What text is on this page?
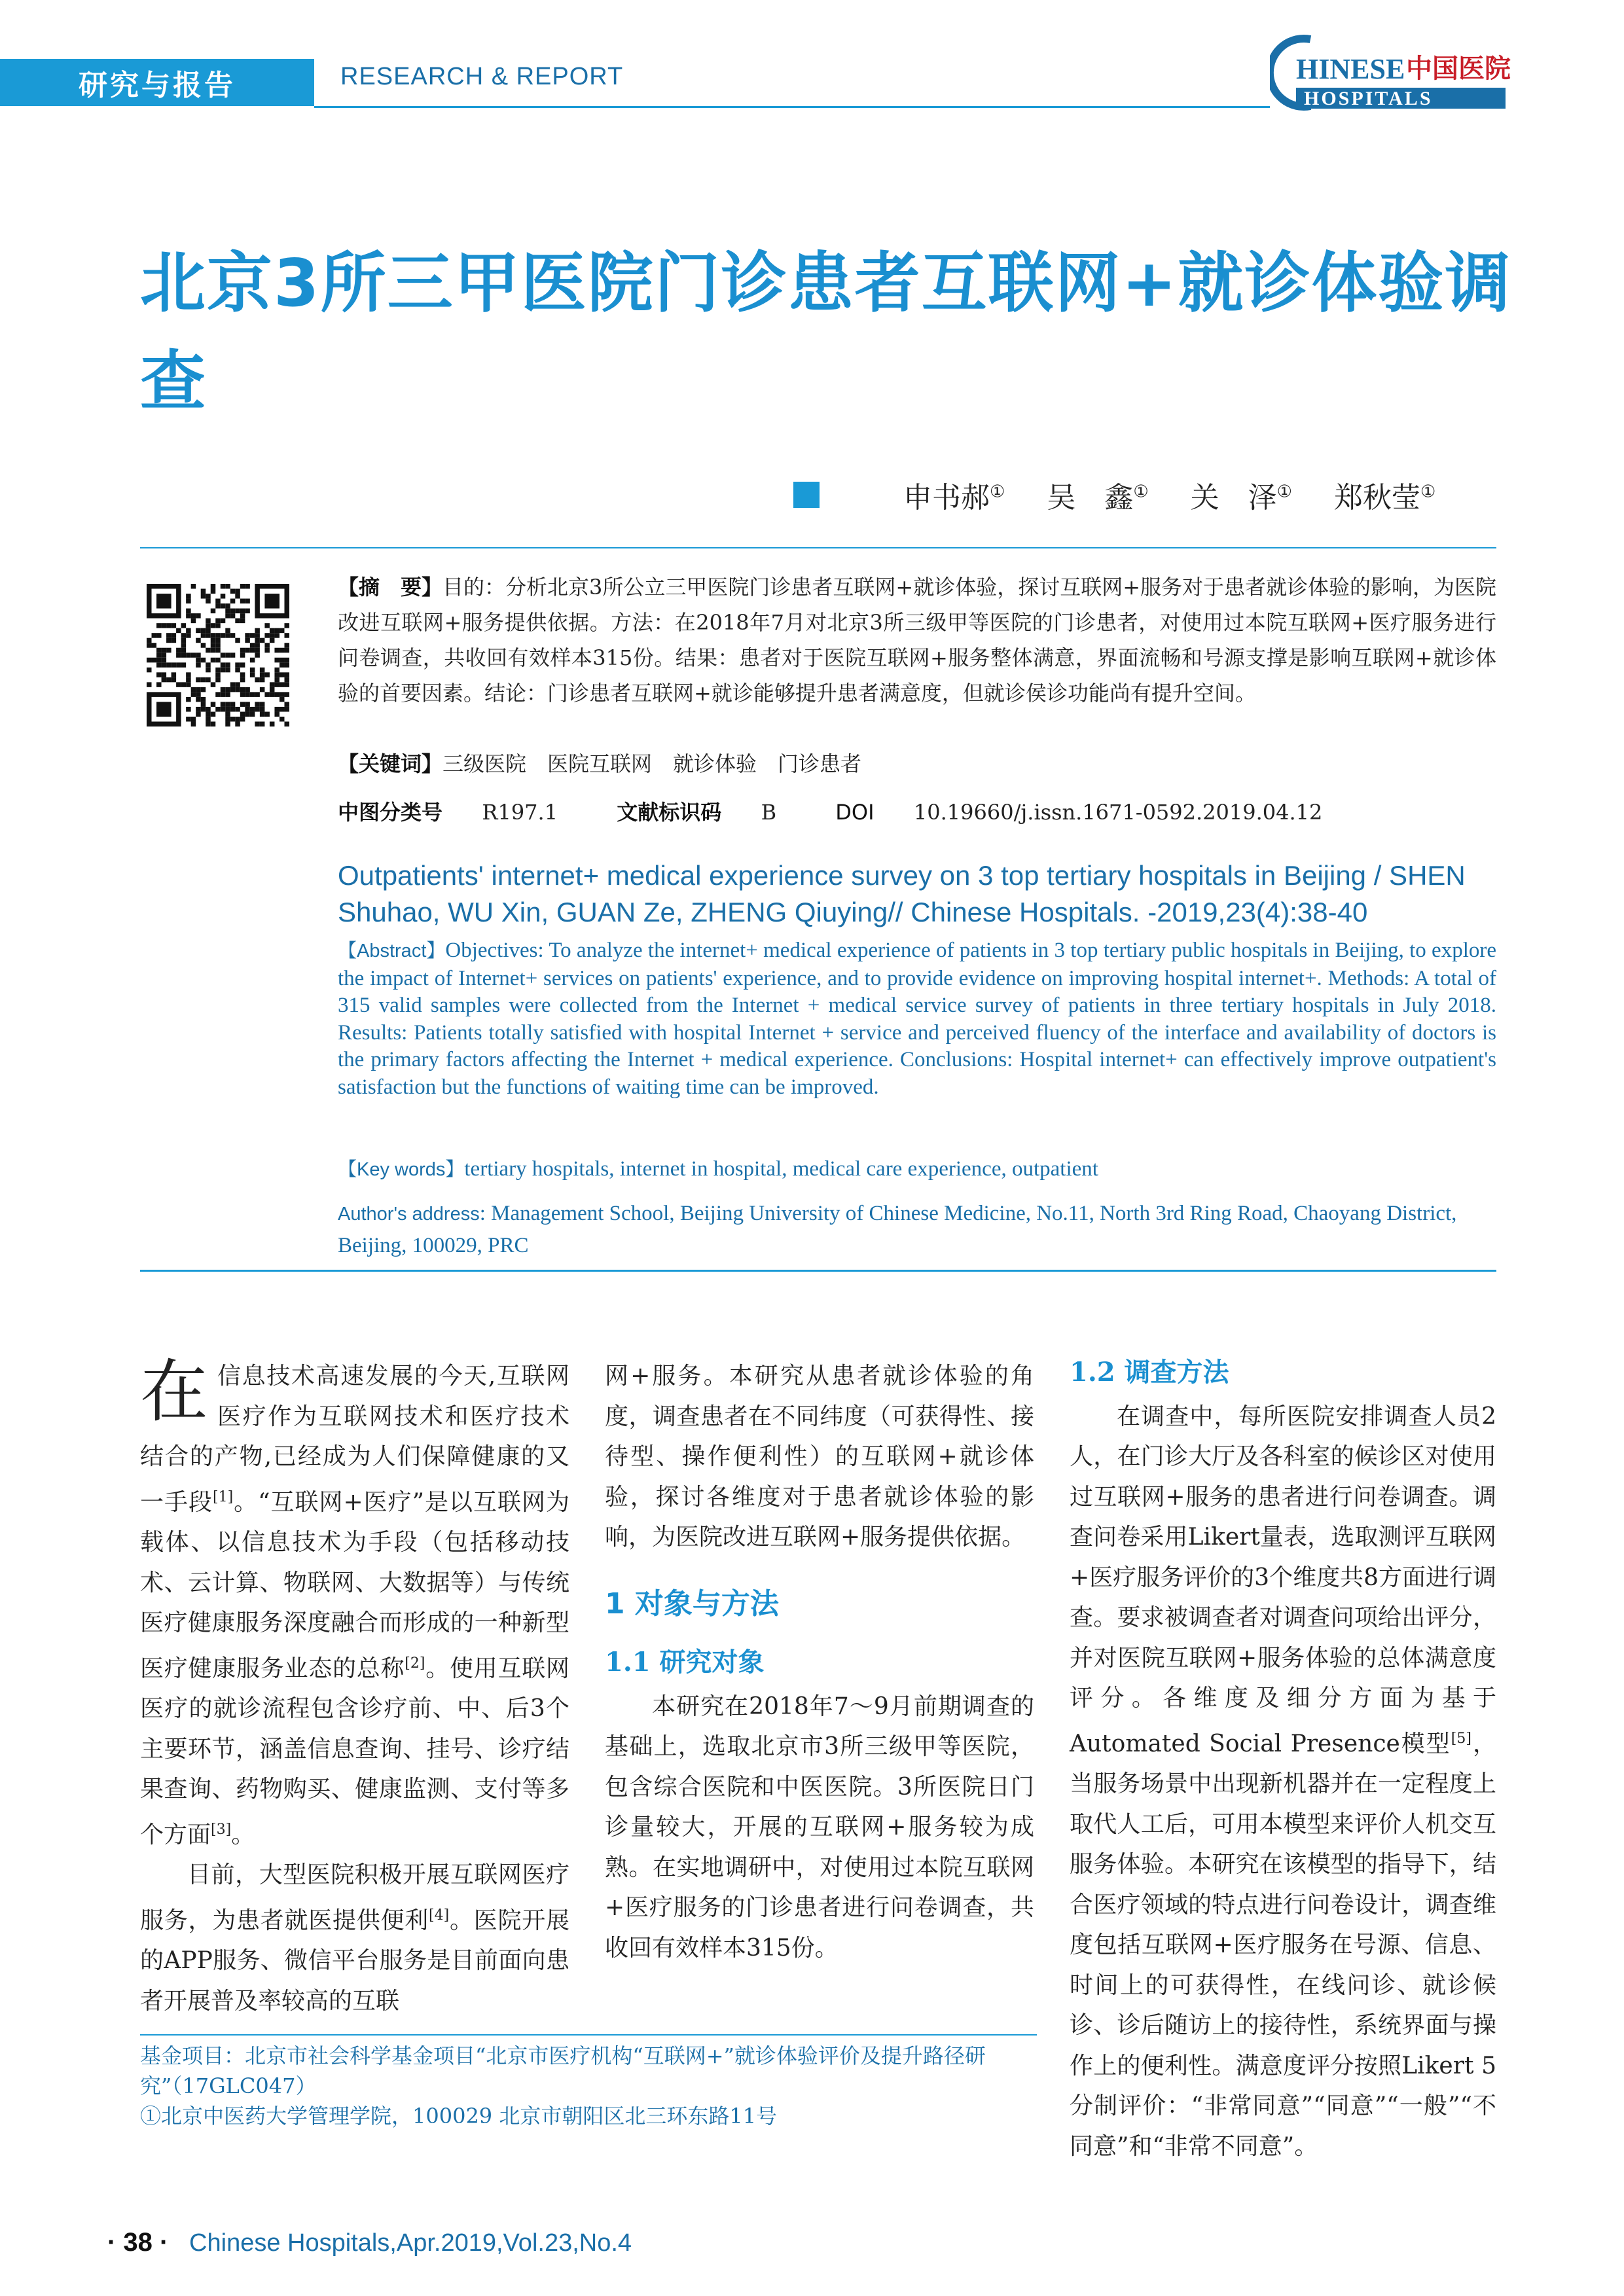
研究与报告	RESEARCH & REPORT	HINESE 中国医院
HOSPITALS
北京3所三甲医院门诊患者互联网+就诊体验调查
申书郝① 吴　鑫① 关　泽① 郑秋莹①
【摘　要】目的：分析北京3所公立三甲医院门诊患者互联网+就诊体验，探讨互联网+服务对于患者就诊体验的影响，为医院改进互联网+服务提供依据。方法：在2018年7月对北京3所三级甲等医院的门诊患者，对使用过本院互联网+医疗服务进行问卷调查，共收回有效样本315份。结果：患者对于医院互联网+服务整体满意，界面流畅和号源支撑是影响互联网+就诊体验的首要因素。结论：门诊患者互联网+就诊能够提升患者满意度，但就诊侯诊功能尚有提升空间。
【关键词】三级医院　医院互联网　就诊体验　门诊患者
中图分类号 R197.1	文献标识码 B	DOI 10.19660/j.issn.1671-0592.2019.04.12
Outpatients' internet+ medical experience survey on 3 top tertiary hospitals in Beijing / SHEN Shuhao, WU Xin, GUAN Ze, ZHENG Qiuying// Chinese Hospitals. -2019,23(4):38-40
【Abstract】Objectives: To analyze the internet+ medical experience of patients in 3 top tertiary public hospitals in Beijing, to explore the impact of Internet+ services on patients' experience, and to provide evidence on improving hospital internet+. Methods: A total of 315 valid samples were collected from the Internet + medical service survey of patients in three tertiary hospitals in July 2018. Results: Patients totally satisfied with hospital Internet + service and perceived fluency of the interface and availability of doctors is the primary factors affecting the Internet + medical experience. Conclusions: Hospital internet+ can effectively improve outpatient's satisfaction but the functions of waiting time can be improved.
【Key words】tertiary hospitals, internet in hospital, medical care experience, outpatient
Author's address: Management School, Beijing University of Chinese Medicine, No.11, North 3rd Ring Road, Chaoyang District, Beijing, 100029, PRC

在信息技术高速发展的今天,互联网医疗作为互联网技术和医疗技术结合的产物,已经成为人们保障健康的又一手段[1]。“互联网+医疗”是以互联网为载体、以信息技术为手段（包括移动技术、云计算、物联网、大数据等）与传统医疗健康服务深度融合而形成的一种新型医疗健康服务业态的总称[2]。使用互联网医疗的就诊流程包含诊疗前、中、后3个主要环节，涵盖信息查询、挂号、诊疗结果查询、药物购买、健康监测、支付等多个方面[3]。

目前，大型医院积极开展互联网医疗服务，为患者就医提供便利[4]。医院开展的APP服务、微信平台服务是目前面向患者开展普及率较高的互联

网+服务。本研究从患者就诊体验的角度，调查患者在不同纬度（可获得性、接待型、操作便利性）的互联网+就诊体验，探讨各维度对于患者就诊体验的影响，为医院改进互联网+服务提供依据。

1 对象与方法
1.1 研究对象

本研究在2018年7～9月前期调查的基础上，选取北京市3所三级甲等医院，包含综合医院和中医医院。3所医院日门诊量较大，开展的互联网+服务较为成熟。在实地调研中，对使用过本院互联网+医疗服务的门诊患者进行问卷调查，共收回有效样本315份。

1.2 调查方法

在调查中，每所医院安排调查人员2人，在门诊大厅及各科室的候诊区对使用过互联网+服务的患者进行问卷调查。调查问卷采用Likert量表，选取测评互联网+医疗服务评价的3个维度共8方面进行调查。要求被调查者对调查问项给出评分，并对医院互联网+服务体验的总体满意度评分。各维度及细分方面为基于Automated Social Presence模型[5]，当服务场景中出现新机器并在一定程度上取代人工后，可用本模型来评价人机交互服务体验。本研究在该模型的指导下，结合医疗领域的特点进行问卷设计，调查维度包括互联网+医疗服务在号源、信息、时间上的可获得性，在线问诊、就诊候诊、诊后随访上的接待性，系统界面与操作上的便利性。满意度评分按照Likert 5分制评价：“非常同意”“同意”“一般”“不同意”和“非常不同意”。

基金项目：北京市社会科学基金项目“北京市医疗机构“互联网+”就诊体验评价及提升路径研究”（17GLC047）
①北京中医药大学管理学院，100029 北京市朝阳区北三环东路11号
· 38 · Chinese Hospitals,Apr.2019,Vol.23,No.4
